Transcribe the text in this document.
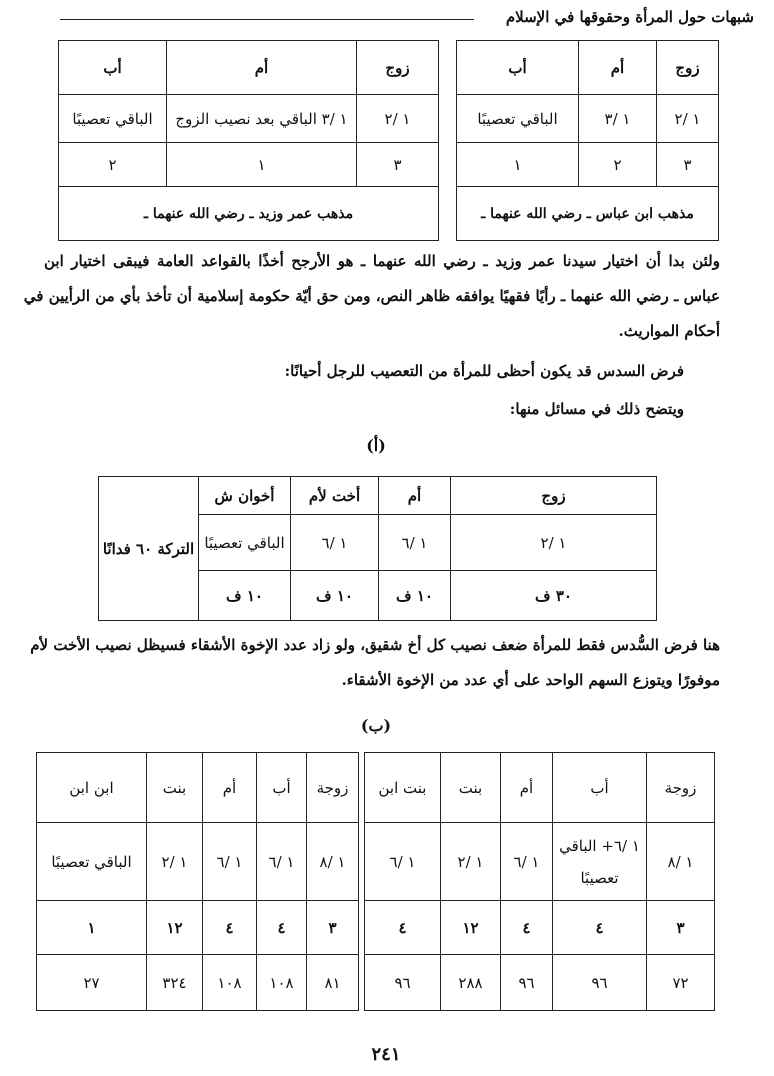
شبهات حول المرأة وحقوقها في الإسلام
زوج	أم	أب
١ /٢	١ /٣	الباقي تعصيبًا
٣	٢	١
مذهب ابن عباس ـ رضي الله عنهما ـ		
زوج	أم	أب
١ /٢	١ /٣ الباقي بعد نصيب الزوج	الباقي تعصيبًا
٣	١	٢
مذهب عمر وزيد ـ رضي الله عنهما ـ		
ولئن بدا أن اختيار سيدنا عمر وزيد ـ رضي الله عنهما ـ هو الأرجح أخذًا بالقواعد العامة فيبقى اختيار ابن
عباس ـ رضي الله عنهما ـ رأيًا فقهيًا يوافقه ظاهر النص، ومن حق أيّة حكومة إسلامية أن تأخذ بأي من الرأيين في
أحكام المواريث.
فرض السدس قد يكون أحظى للمرأة من التعصيب للرجل أحيانًا:
ويتضح ذلك في مسائل منها:
(أ)
زوج	أم	أخت لأم	أخوان ش	التركة ٦٠ فدانًا
١ /٢	١ /٦	١ /٦	الباقي تعصيبًا	
٣٠ ف	١٠ ف	١٠ ف	١٠ ف	
هنا فرض السُّدس فقط للمرأة ضعف نصيب كل أخ شقيق، ولو زاد عدد الإخوة الأشقاء فسيظل نصيب الأخت لأم
موفورًا ويتوزع السهم الواحد على أي عدد من الإخوة الأشقاء.
(ب)
زوجة	أب	أم	بنت	بنت ابن
١ /٨	١ /٦+ الباقي
تعصيبًا	١ /٦	١ /٢	١ /٦
٣	٤	٤	١٢	٤
٧٢	٩٦	٩٦	٢٨٨	٩٦
زوجة	أب	أم	بنت	ابن ابن
١ /٨	١ /٦	١ /٦	١ /٢	الباقي تعصيبًا
٣	٤	٤	١٢	١
٨١	١٠٨	١٠٨	٣٢٤	٢٧
٢٤١
